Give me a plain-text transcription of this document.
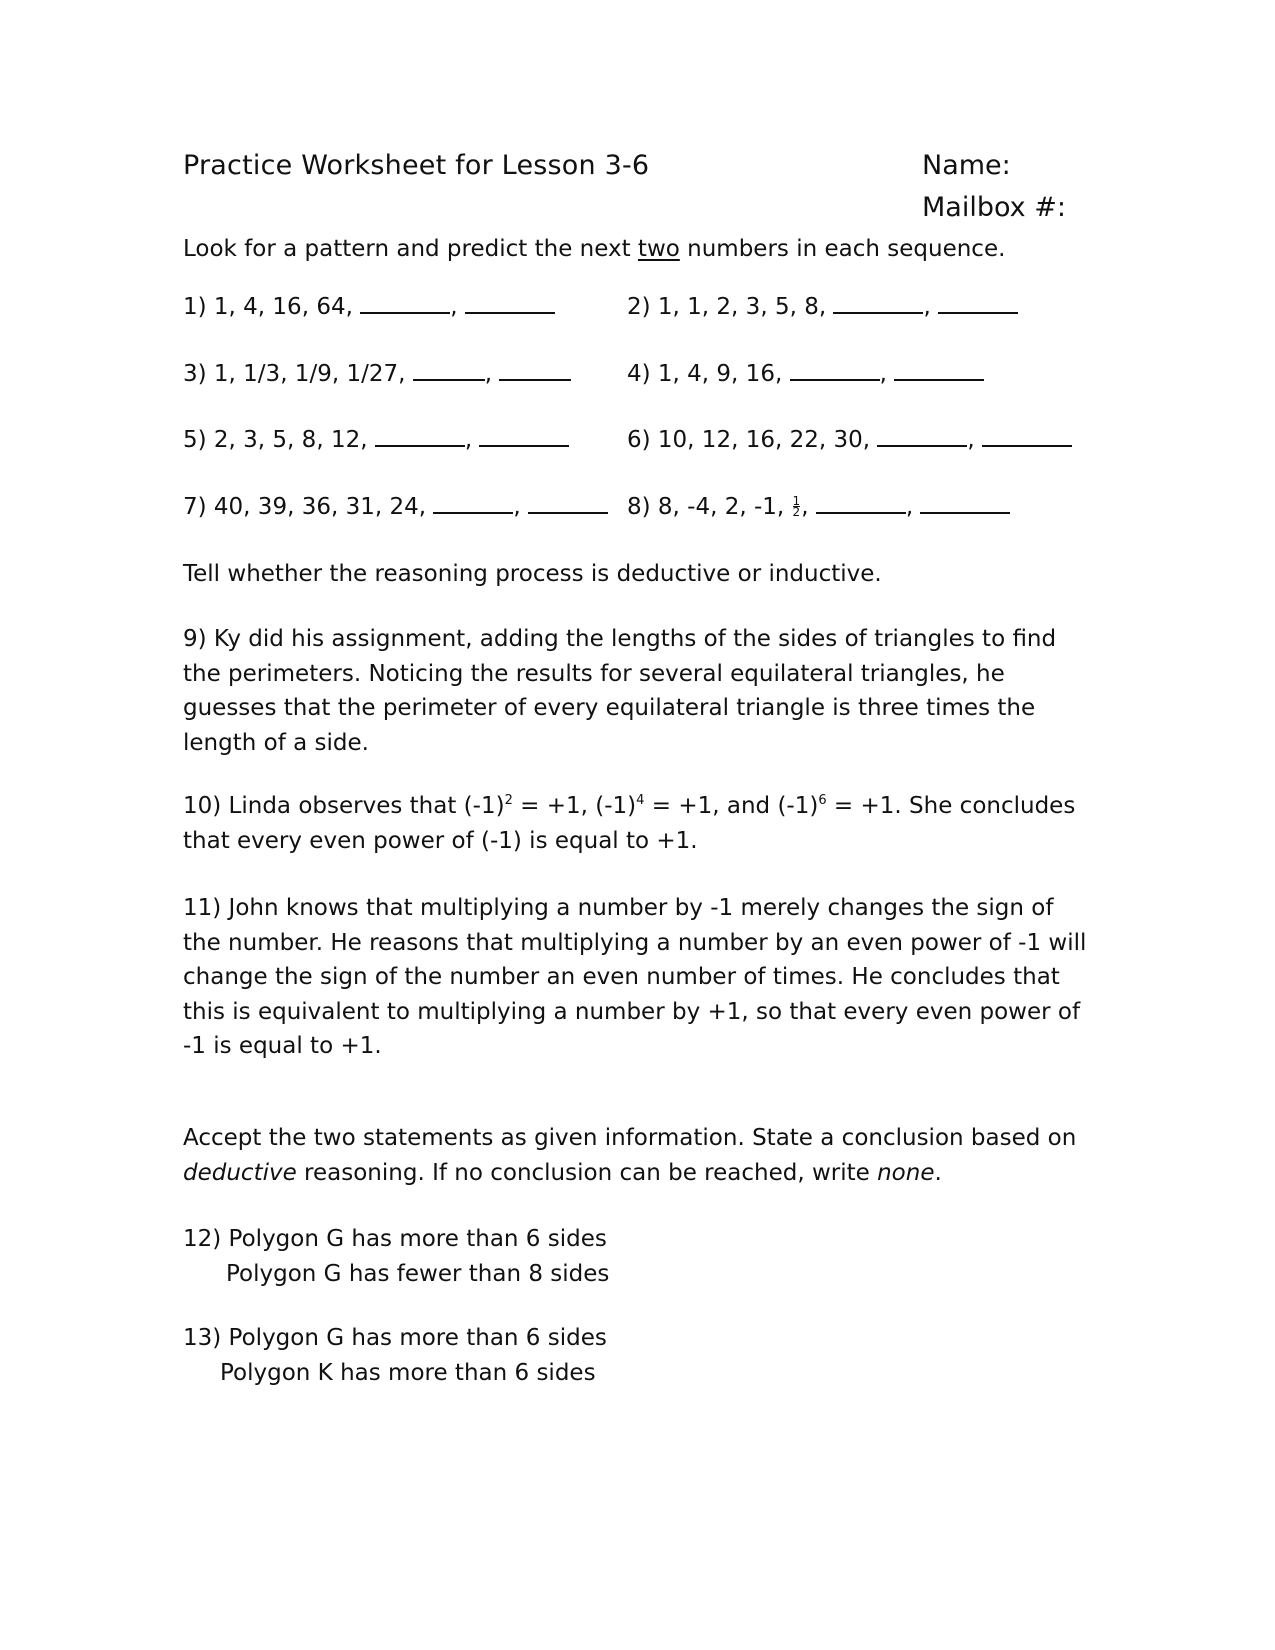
Practice Worksheet for Lesson 3-6	Name:
Mailbox #:
Look for a pattern and predict the next two numbers in each sequence.
1) 1, 4, 16, 64,	,	2) 1, 1, 2, 3, 5, 8,	,
3) 1, 1/3, 1/9, 1/27,	,	4) 1, 4, 9, 16,	,
5) 2, 3, 5, 8, 12,	,	6) 10, 12, 16, 22, 30,	,
7) 40, 39, 36, 31, 24,	,	8) 8, -4, 2, -1, $\frac{1}{2}$ ,	,
Tell whether the reasoning process is deductive or inductive.
9) Ky did his assignment, adding the lengths of the sides of triangles to find the perimeters. Noticing the results for several equilateral triangles, he guesses that the perimeter of every equilateral triangle is three times the length of a side.
10) Linda observes that $(-1)^2 = +1$, $(-1)^4 = +1$, and $(-1)^6 = +1$. She concludes that every even power of (-1) is equal to +1.
11) John knows that multiplying a number by -1 merely changes the sign of the number. He reasons that multiplying a number by an even power of -1 will change the sign of the number an even number of times. He concludes that this is equivalent to multiplying a number by +1, so that every even power of -1 is equal to +1.
Accept the two statements as given information. State a conclusion based on deductive reasoning. If no conclusion can be reached, write none.
12) Polygon G has more than 6 sides
Polygon G has fewer than 8 sides
13) Polygon G has more than 6 sides
Polygon K has more than 6 sides
